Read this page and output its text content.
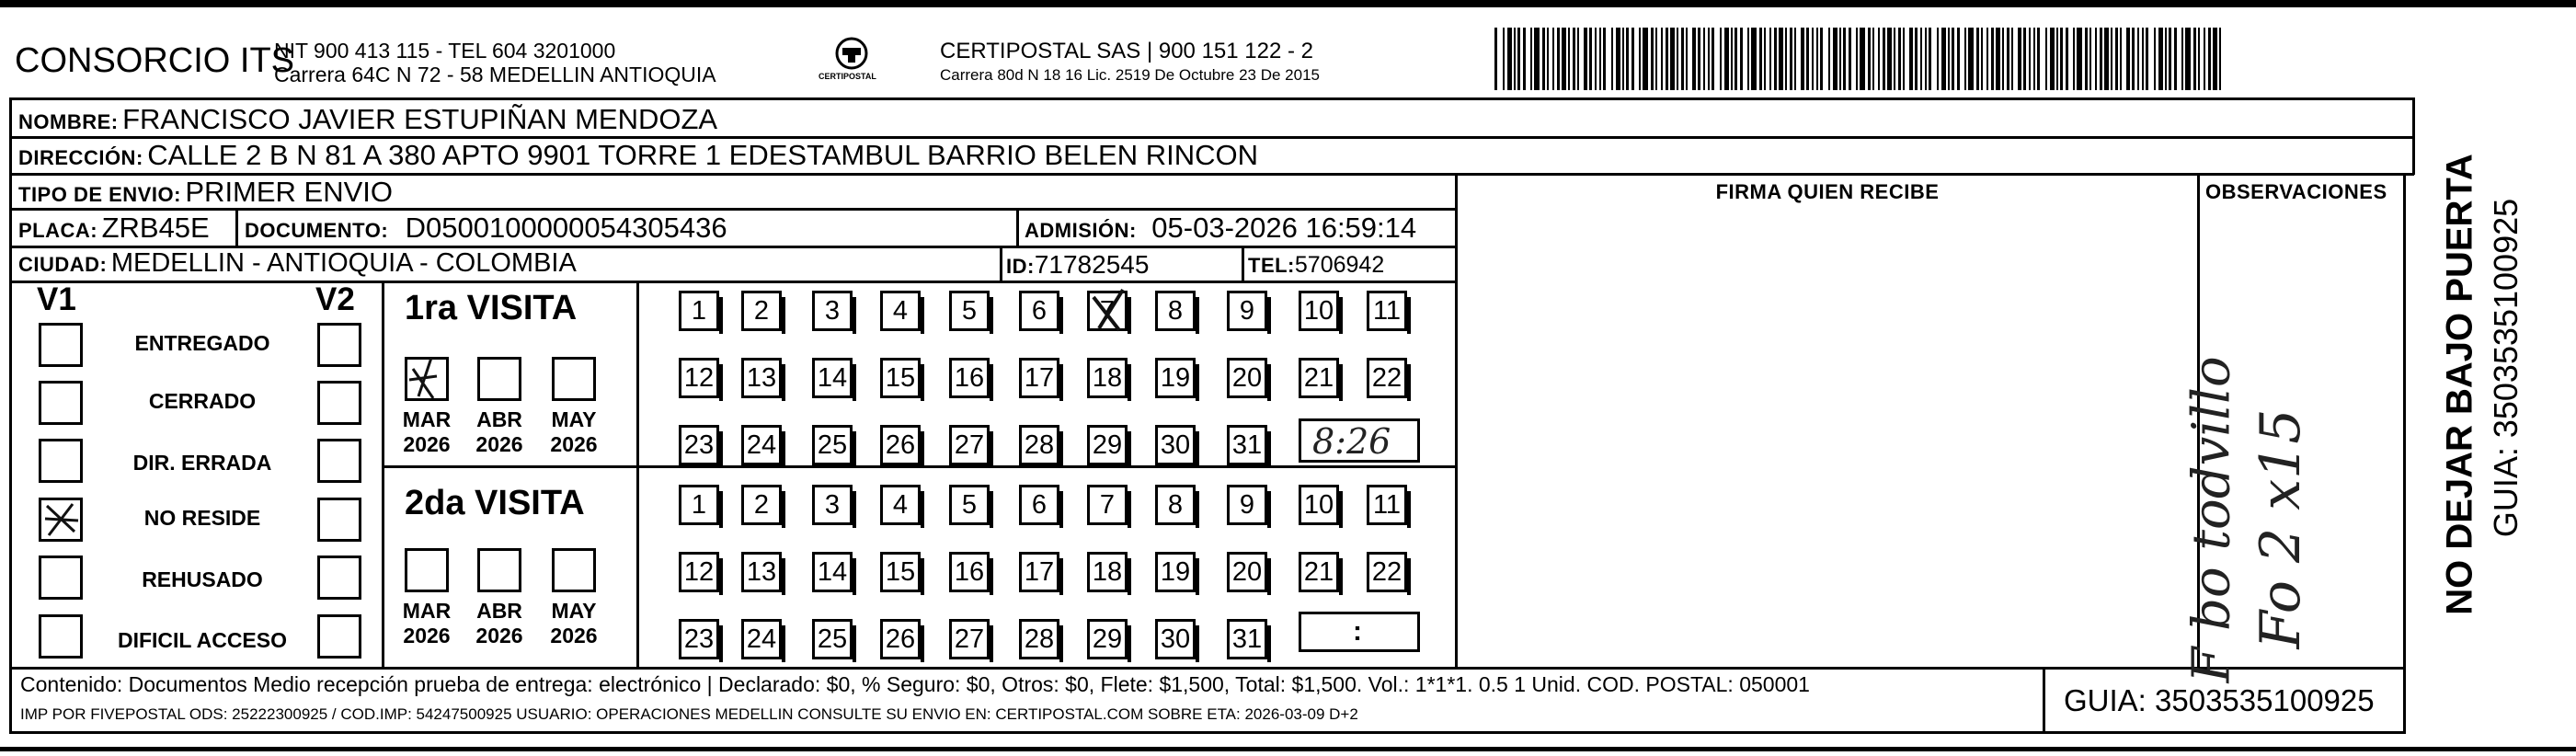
CONSORCIO ITS
NIT 900 413 115 - TEL 604 3201000
Carrera 64C N 72 - 58 MEDELLIN ANTIOQUIA	CERTIPOSTAL
CERTIPOSTAL SAS | 900 151 122 - 2
Carrera 80d N 18 16 Lic. 2519 De Octubre 23 De 2015
NOMBRE: FRANCISCO JAVIER ESTUPIÑAN MENDOZA
DIRECCIÓN: CALLE 2 B N 81 A 380 APTO 9901 TORRE 1 EDESTAMBUL BARRIO BELEN RINCON
TIPO DE ENVIO: PRIMER ENVIO	FIRMA QUIEN RECIBE	OBSERVACIONES
PLACA: ZRB45E DOCUMENTO: D0500100000054305436	ADMISIÓN: 05-03-2026 16:59:14
CIUDAD: MEDELLIN - ANTIOQUIA - COLOMBIA	ID:71782545	TEL:5706942
V1	V2
ENTREGADO
CERRADO
DIR. ERRADA
NO RESIDE
REHUSADO
DIFICIL ACCESO
1ra VISITA
MAR
2026
ABR
2026
MAY
2026
2da VISITA
MAR
2026
ABR
2026
MAY
2026
1	2	3	4	5	6	7	8	9	10 11
12 13 14 15 16 17 18 19 20 21 22
23 24 25 26 27 28 29 30 31
1	2	3	4	5	6	7	8	9	10 11
12 13 14 15 16 17 18 19 20 21 22
23 24 25 26 27 28 29 30 31
8:26
:	F bo todvillo Fo 2 x15
Contenido: Documentos Medio recepción prueba de entrega: electrónico | Declarado: $0, % Seguro: $0, Otros: $0, Flete: $1,500, Total: $1,500. Vol.: 1*1*1. 0.5 1 Unid. COD. POSTAL: 050001
IMP POR FIVEPOSTAL ODS: 25222300925 / COD.IMP: 54247500925 USUARIO: OPERACIONES MEDELLIN CONSULTE SU ENVIO EN: CERTIPOSTAL.COM SOBRE ETA: 2026-03-09 D+2	GUIA: 3503535100925
NO DEJAR BAJO PUERTA GUIA: 3503535100925
